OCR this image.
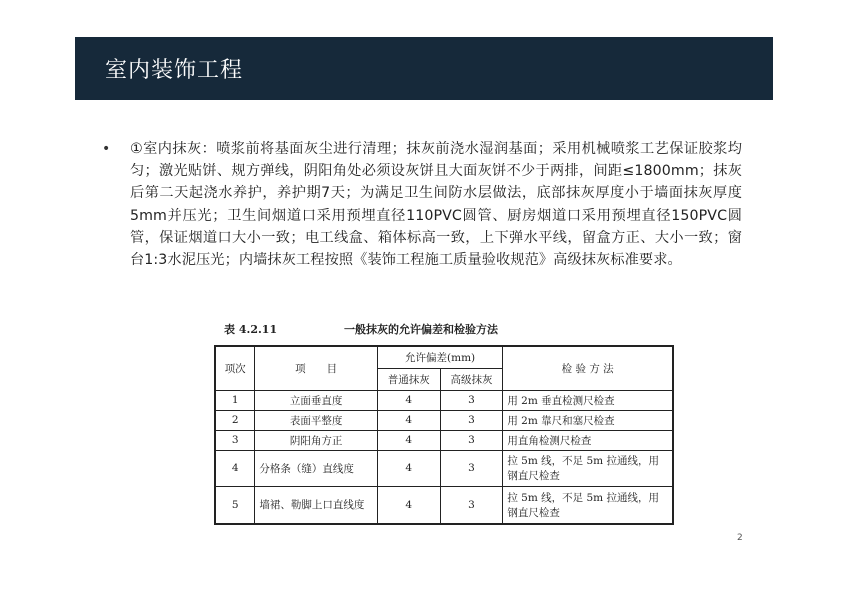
室内装饰工程
•	①室内抹灰：喷浆前将基面灰尘进行清理；抹灰前浇水湿润基面；采用机械喷浆工艺保证胶浆均匀；激光贴饼、规方弹线，阴阳角处必须设灰饼且大面灰饼不少于两排，间距≤1800mm；抹灰后第二天起浇水养护，养护期7天；为满足卫生间防水层做法，底部抹灰厚度小于墙面抹灰厚度5mm并压光；卫生间烟道口采用预埋直径110PVC圆管、厨房烟道口采用预埋直径150PVC圆管，保证烟道口大小一致；电工线盒、箱体标高一致，上下弹水平线，留盒方正、大小一致；窗台1:3水泥压光；内墙抹灰工程按照《装饰工程施工质量验收规范》高级抹灰标准要求。
表 4.2.11	一般抹灰的允许偏差和检验方法
项次	项　　目	允许偏差(mm)		检 验 方 法
		普通抹灰	高级抹灰	
1	立面垂直度	4	3	用 2m 垂直检测尺检查
2	表面平整度	4	3	用 2m 靠尺和塞尺检查
3	阴阳角方正	4	3	用直角检测尺检查
4	分格条（缝）直线度	4	3	拉 5m 线，不足 5m 拉通线，用钢直尺检查
5	墙裙、勒脚上口直线度	4	3	拉 5m 线，不足 5m 拉通线，用钢直尺检查
2
